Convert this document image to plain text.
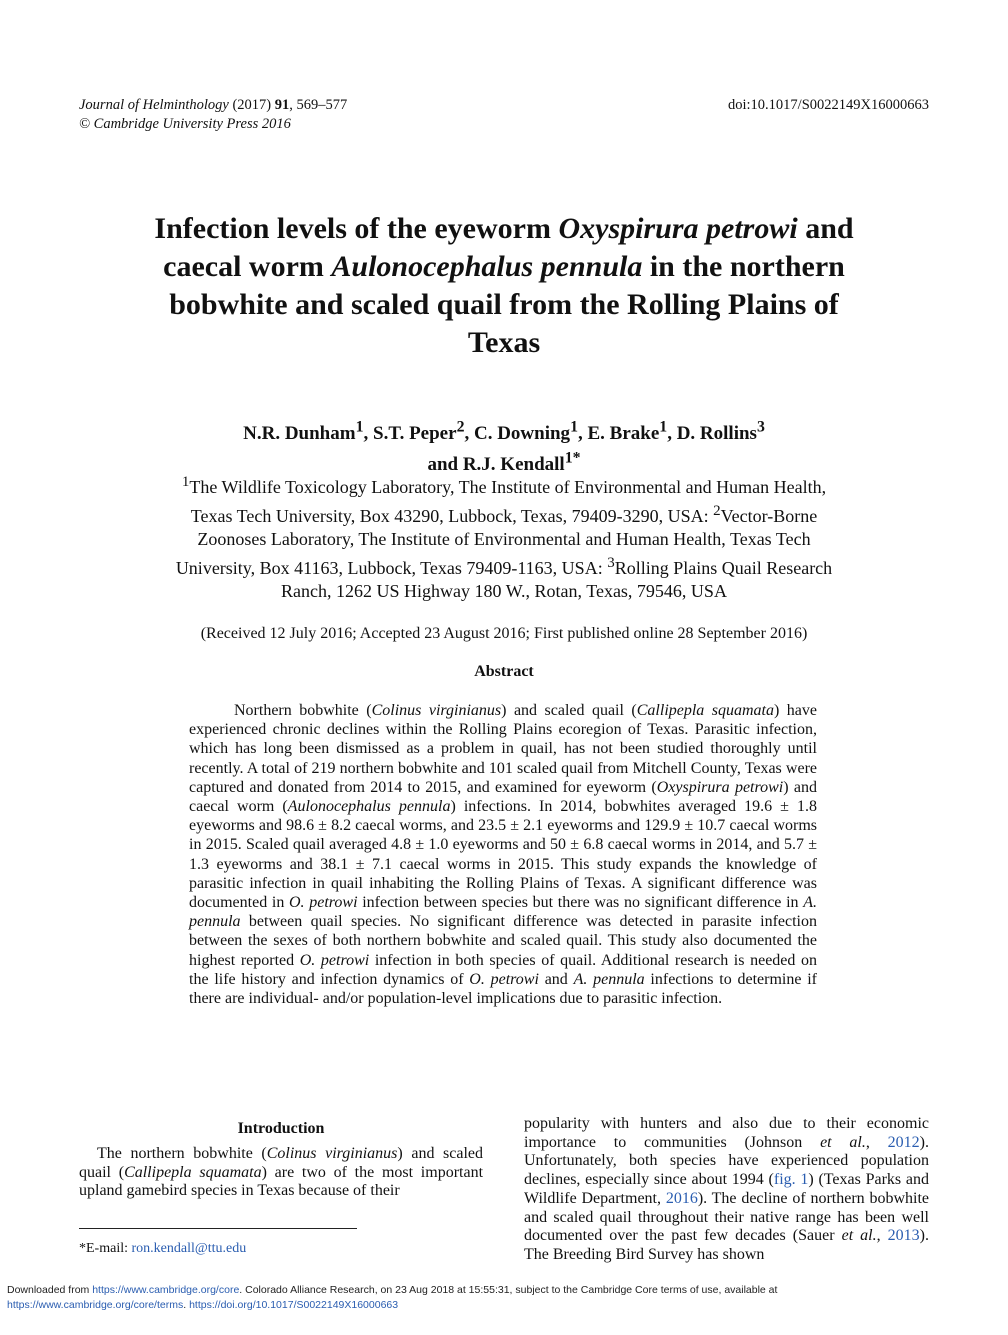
Journal of Helminthology (2017) 91, 569–577
© Cambridge University Press 2016
doi:10.1017/S0022149X16000663
Infection levels of the eyeworm Oxyspirura petrowi and caecal worm Aulonocephalus pennula in the northern bobwhite and scaled quail from the Rolling Plains of Texas
N.R. Dunham$^1$, S.T. Peper$^2$, C. Downing$^1$, E. Brake$^1$, D. Rollins$^3$
and R.J. Kendall$^{1*}$
$^1$The Wildlife Toxicology Laboratory, The Institute of Environmental and Human Health, Texas Tech University, Box 43290, Lubbock, Texas, 79409-3290, USA: $^2$Vector-Borne Zoonoses Laboratory, The Institute of Environmental and Human Health, Texas Tech University, Box 41163, Lubbock, Texas 79409-1163, USA: $^3$Rolling Plains Quail Research Ranch, 1262 US Highway 180 W., Rotan, Texas, 79546, USA
(Received 12 July 2016; Accepted 23 August 2016; First published online 28 September 2016)
Abstract
Northern bobwhite (Colinus virginianus) and scaled quail (Callipepla squamata) have experienced chronic declines within the Rolling Plains ecoregion of Texas. Parasitic infection, which has long been dismissed as a problem in quail, has not been studied thoroughly until recently. A total of 219 northern bobwhite and 101 scaled quail from Mitchell County, Texas were captured and donated from 2014 to 2015, and examined for eyeworm (Oxyspirura petrowi) and caecal worm (Aulonocephalus pennula) infections. In 2014, bobwhites averaged 19.6 ± 1.8 eyeworms and 98.6 ± 8.2 caecal worms, and 23.5 ± 2.1 eyeworms and 129.9 ± 10.7 caecal worms in 2015. Scaled quail averaged 4.8 ± 1.0 eyeworms and 50 ± 6.8 caecal worms in 2014, and 5.7 ± 1.3 eyeworms and 38.1 ± 7.1 caecal worms in 2015. This study expands the knowledge of parasitic infection in quail inhabiting the Rolling Plains of Texas. A significant difference was documented in O. petrowi infection between species but there was no significant difference in A. pennula between quail species. No significant difference was detected in parasite infection between the sexes of both northern bobwhite and scaled quail. This study also documented the highest reported O. petrowi infection in both species of quail. Additional research is needed on the life history and infection dynamics of O. petrowi and A. pennula infections to determine if there are individual- and/or population-level implications due to parasitic infection.
Introduction
The northern bobwhite (Colinus virginianus) and scaled quail (Callipepla squamata) are two of the most important upland gamebird species in Texas because of their
popularity with hunters and also due to their economic importance to communities (Johnson et al., 2012). Unfortunately, both species have experienced population declines, especially since about 1994 (fig. 1) (Texas Parks and Wildlife Department, 2016). The decline of northern bobwhite and scaled quail throughout their native range has been well documented over the past few decades (Sauer et al., 2013). The Breeding Bird Survey has shown
*E-mail: ron.kendall@ttu.edu
Downloaded from https://www.cambridge.org/core. Colorado Alliance Research, on 23 Aug 2018 at 15:55:31, subject to the Cambridge Core terms of use, available at
https://www.cambridge.org/core/terms. https://doi.org/10.1017/S0022149X16000663
